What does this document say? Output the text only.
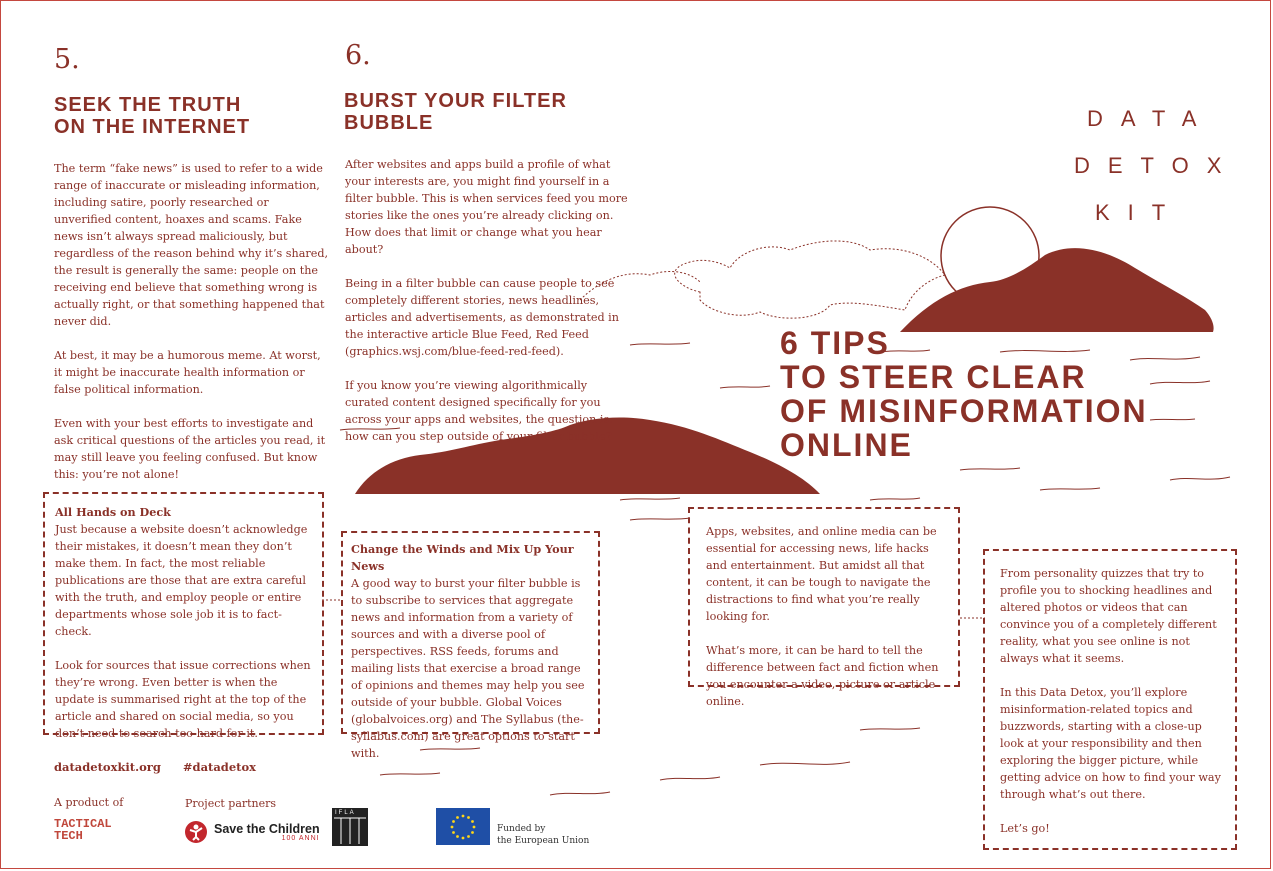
5.
SEEK THE TRUTH
ON THE INTERNET

The term “fake news” is used to refer to a wide range of inaccurate or misleading information, including satire, poorly researched or unverified content, hoaxes and scams. Fake news isn’t always spread maliciously, but regardless of the reason behind why it’s shared, the result is generally the same: people on the receiving end believe that something wrong is actually right, or that something happened that never did.

At best, it may be a humorous meme. At worst, it might be inaccurate health information or false political information.

Even with your best efforts to investigate and ask critical questions of the articles you read, it may still leave you feeling confused. But know this: you’re not alone!

All Hands on Deck
Just because a website doesn’t acknowledge their mistakes, it doesn’t mean they don’t make them. In fact, the most reliable publications are those that are extra careful with the truth, and employ people or entire departments whose sole job it is to fact-check.

Look for sources that issue corrections when they’re wrong. Even better is when the update is summarised right at the top of the article and shared on social media, so you don’t need to search too hard for it.

6.
BURST YOUR FILTER
BUBBLE

After websites and apps build a profile of what your interests are, you might find yourself in a filter bubble. This is when services feed you more stories like the ones you’re already clicking on. How does that limit or change what you hear about?

Being in a filter bubble can cause people to see completely different stories, news headlines, articles and advertisements, as demonstrated in the interactive article Blue Feed, Red Feed (graphics.wsj.com/blue-feed-red-feed).

If you know you’re viewing algorithmically curated content designed specifically for you across your apps and websites, the question is: how can you step outside of your filter bubble?

Change the Winds and Mix Up Your News
A good way to burst your filter bubble is to subscribe to services that aggregate news and information from a variety of sources and with a diverse pool of perspectives. RSS feeds, forums and mailing lists that exercise a broad range of opinions and themes may help you see outside of your bubble. Global Voices (globalvoices.org) and The Syllabus (the-syllabus.com) are great options to start with.

Apps, websites, and online media can be essential for accessing news, life hacks and entertainment. But amidst all that content, it can be tough to navigate the distractions to find what you’re really looking for.

What’s more, it can be hard to tell the difference between fact and fiction when you encounter a video, picture or article online.

From personality quizzes that try to profile you to shocking headlines and altered photos or videos that can convince you of a completely different reality, what you see online is not always what it seems.

In this Data Detox, you’ll explore misinformation-related topics and buzzwords, starting with a close-up look at your responsibility and then exploring the bigger picture, while getting advice on how to find your way through what’s out there.

Let’s go!

DATA
DETOX
KIT
6 TIPS
TO STEER CLEAR
OF MISINFORMATION
ONLINE
datadetoxkit.org #datadetox
A product of	Project partners
TACTICAL
TECH
Save the Children
100 ANNI
IFLA
Funded by
the European Union
